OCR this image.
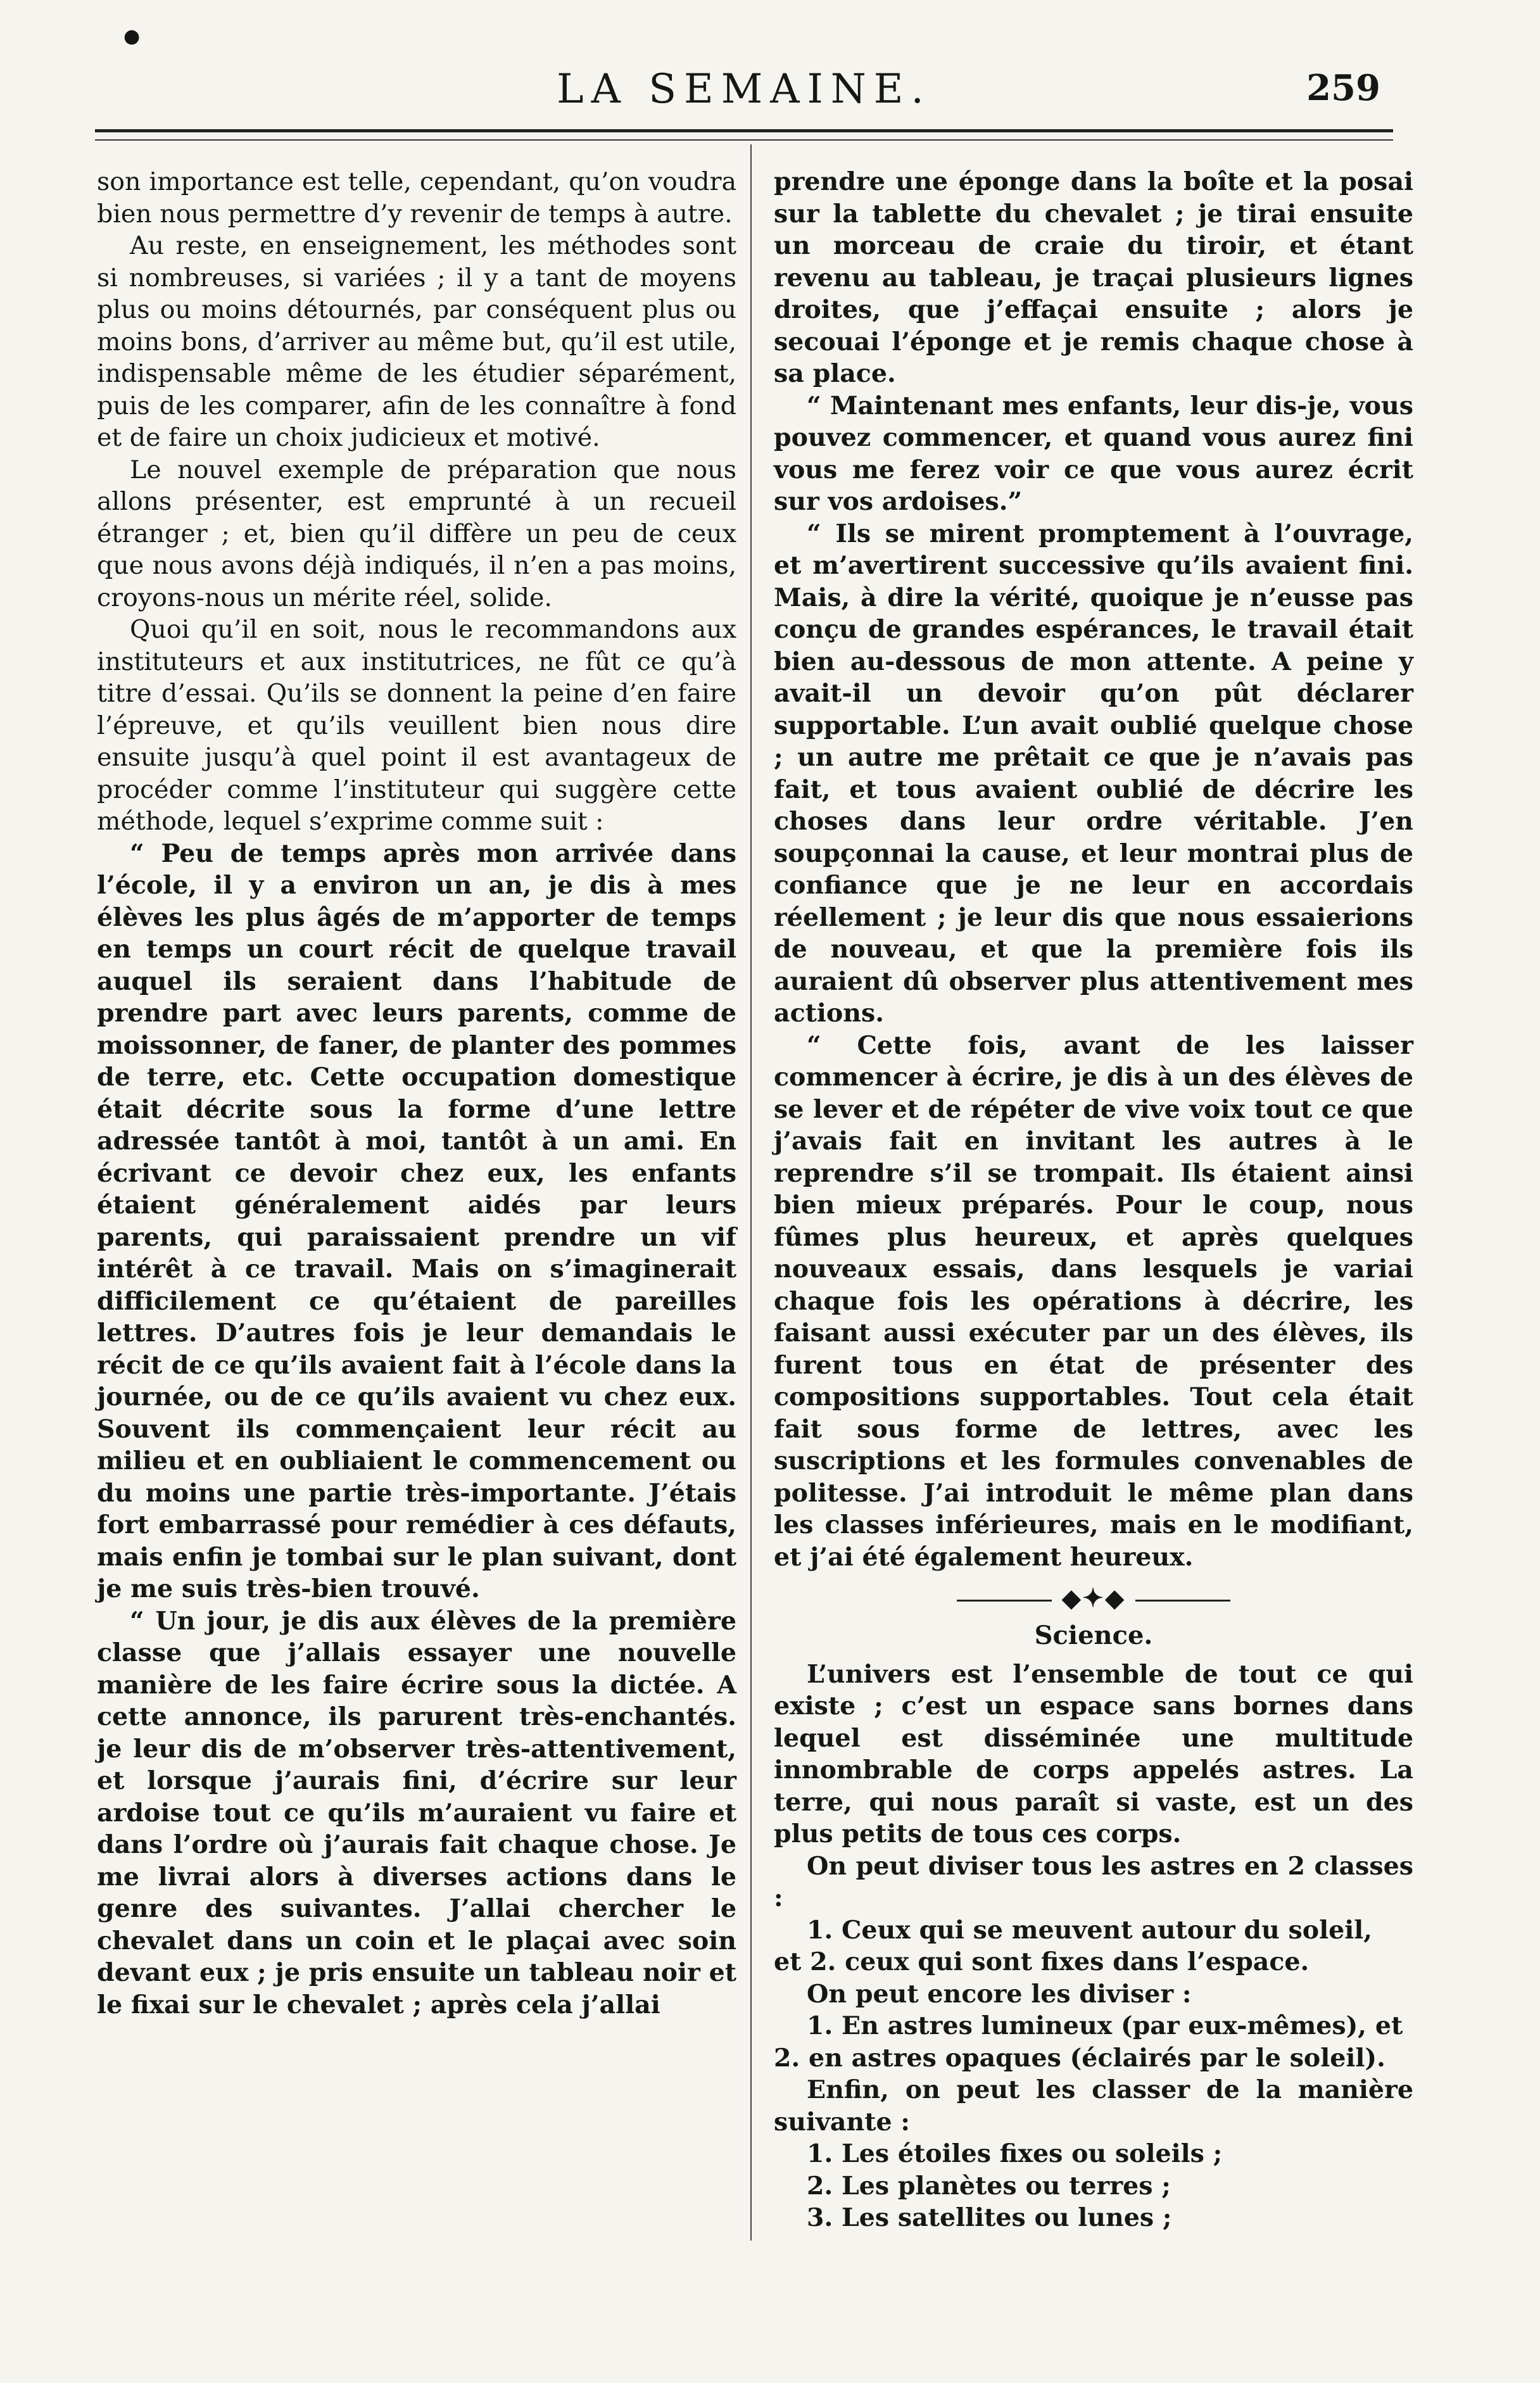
●
LA SEMAINE.	259

son importance est telle, cependant, qu’on voudra bien nous permettre d’y revenir de temps à autre.

Au reste, en enseignement, les méthodes sont si nombreuses, si variées ; il y a tant de moyens plus ou moins détournés, par conséquent plus ou moins bons, d’arriver au même but, qu’il est utile, indispensable même de les étudier séparément, puis de les comparer, afin de les connaître à fond et de faire un choix judicieux et motivé.

Le nouvel exemple de préparation que nous allons présenter, est emprunté à un recueil étranger ; et, bien qu’il diffère un peu de ceux que nous avons déjà indiqués, il n’en a pas moins, croyons-nous un mérite réel, solide.

Quoi qu’il en soit, nous le recommandons aux instituteurs et aux institutrices, ne fût ce qu’à titre d’essai. Qu’ils se donnent la peine d’en faire l’épreuve, et qu’ils veuillent bien nous dire ensuite jusqu’à quel point il est avantageux de procéder comme l’instituteur qui suggère cette méthode, lequel s’exprime comme suit :

“ Peu de temps après mon arrivée dans l’école, il y a environ un an, je dis à mes élèves les plus âgés de m’apporter de temps en temps un court récit de quelque travail auquel ils seraient dans l’habitude de prendre part avec leurs parents, comme de moissonner, de faner, de planter des pommes de terre, etc. Cette occupation domestique était décrite sous la forme d’une lettre adressée tantôt à moi, tantôt à un ami. En écrivant ce devoir chez eux, les enfants étaient généralement aidés par leurs parents, qui paraissaient prendre un vif intérêt à ce travail. Mais on s’imaginerait difficilement ce qu’étaient de pareilles lettres. D’autres fois je leur demandais le récit de ce qu’ils avaient fait à l’école dans la journée, ou de ce qu’ils avaient vu chez eux. Souvent ils commençaient leur récit au milieu et en oubliaient le commencement ou du moins une partie très-importante. J’étais fort embarrassé pour remédier à ces défauts, mais enfin je tombai sur le plan suivant, dont je me suis très-bien trouvé.

“ Un jour, je dis aux élèves de la première classe que j’allais essayer une nouvelle manière de les faire écrire sous la dictée. A cette annonce, ils parurent très-enchantés. je leur dis de m’observer très-attentivement, et lorsque j’aurais fini, d’écrire sur leur ardoise tout ce qu’ils m’auraient vu faire et dans l’ordre où j’aurais fait chaque chose. Je me livrai alors à diverses actions dans le genre des suivantes. J’allai chercher le chevalet dans un coin et le plaçai avec soin devant eux ; je pris ensuite un tableau noir et le fixai sur le chevalet ; après cela j’allai

prendre une éponge dans la boîte et la posai sur la tablette du chevalet ; je tirai ensuite un morceau de craie du tiroir, et étant revenu au tableau, je traçai plusieurs lignes droites, que j’effaçai ensuite ; alors je secouai l’éponge et je remis chaque chose à sa place.

“ Maintenant mes enfants, leur dis-je, vous pouvez commencer, et quand vous aurez fini vous me ferez voir ce que vous aurez écrit sur vos ardoises.”

“ Ils se mirent promptement à l’ouvrage, et m’avertirent successive qu’ils avaient fini. Mais, à dire la vérité, quoique je n’eusse pas conçu de grandes espérances, le travail était bien au-dessous de mon attente. A peine y avait-il un devoir qu’on pût déclarer supportable. L’un avait oublié quelque chose ; un autre me prêtait ce que je n’avais pas fait, et tous avaient oublié de décrire les choses dans leur ordre véritable. J’en soupçonnai la cause, et leur montrai plus de confiance que je ne leur en accordais réellement ; je leur dis que nous essaierions de nouveau, et que la première fois ils auraient dû observer plus attentivement mes actions.

“ Cette fois, avant de les laisser commencer à écrire, je dis à un des élèves de se lever et de répéter de vive voix tout ce que j’avais fait en invitant les autres à le reprendre s’il se trompait. Ils étaient ainsi bien mieux préparés. Pour le coup, nous fûmes plus heureux, et après quelques nouveaux essais, dans lesquels je variai chaque fois les opérations à décrire, les faisant aussi exécuter par un des élèves, ils furent tous en état de présenter des compositions supportables. Tout cela était fait sous forme de lettres, avec les suscriptions et les formules convenables de politesse. J’ai introduit le même plan dans les classes inférieures, mais en le modifiant, et j’ai été également heureux.

◆✦◆
Science.

L’univers est l’ensemble de tout ce qui existe ; c’est un espace sans bornes dans lequel est disséminée une multitude innombrable de corps appelés astres. La terre, qui nous paraît si vaste, est un des plus petits de tous ces corps.

On peut diviser tous les astres en 2 classes :

1. Ceux qui se meuvent autour du soleil,

et 2. ceux qui sont fixes dans l’espace.

On peut encore les diviser :

1. En astres lumineux (par eux-mêmes), et

2. en astres opaques (éclairés par le soleil).

Enfin, on peut les classer de la manière suivante :

1. Les étoiles fixes ou soleils ;

2. Les planètes ou terres ;

3. Les satellites ou lunes ;
